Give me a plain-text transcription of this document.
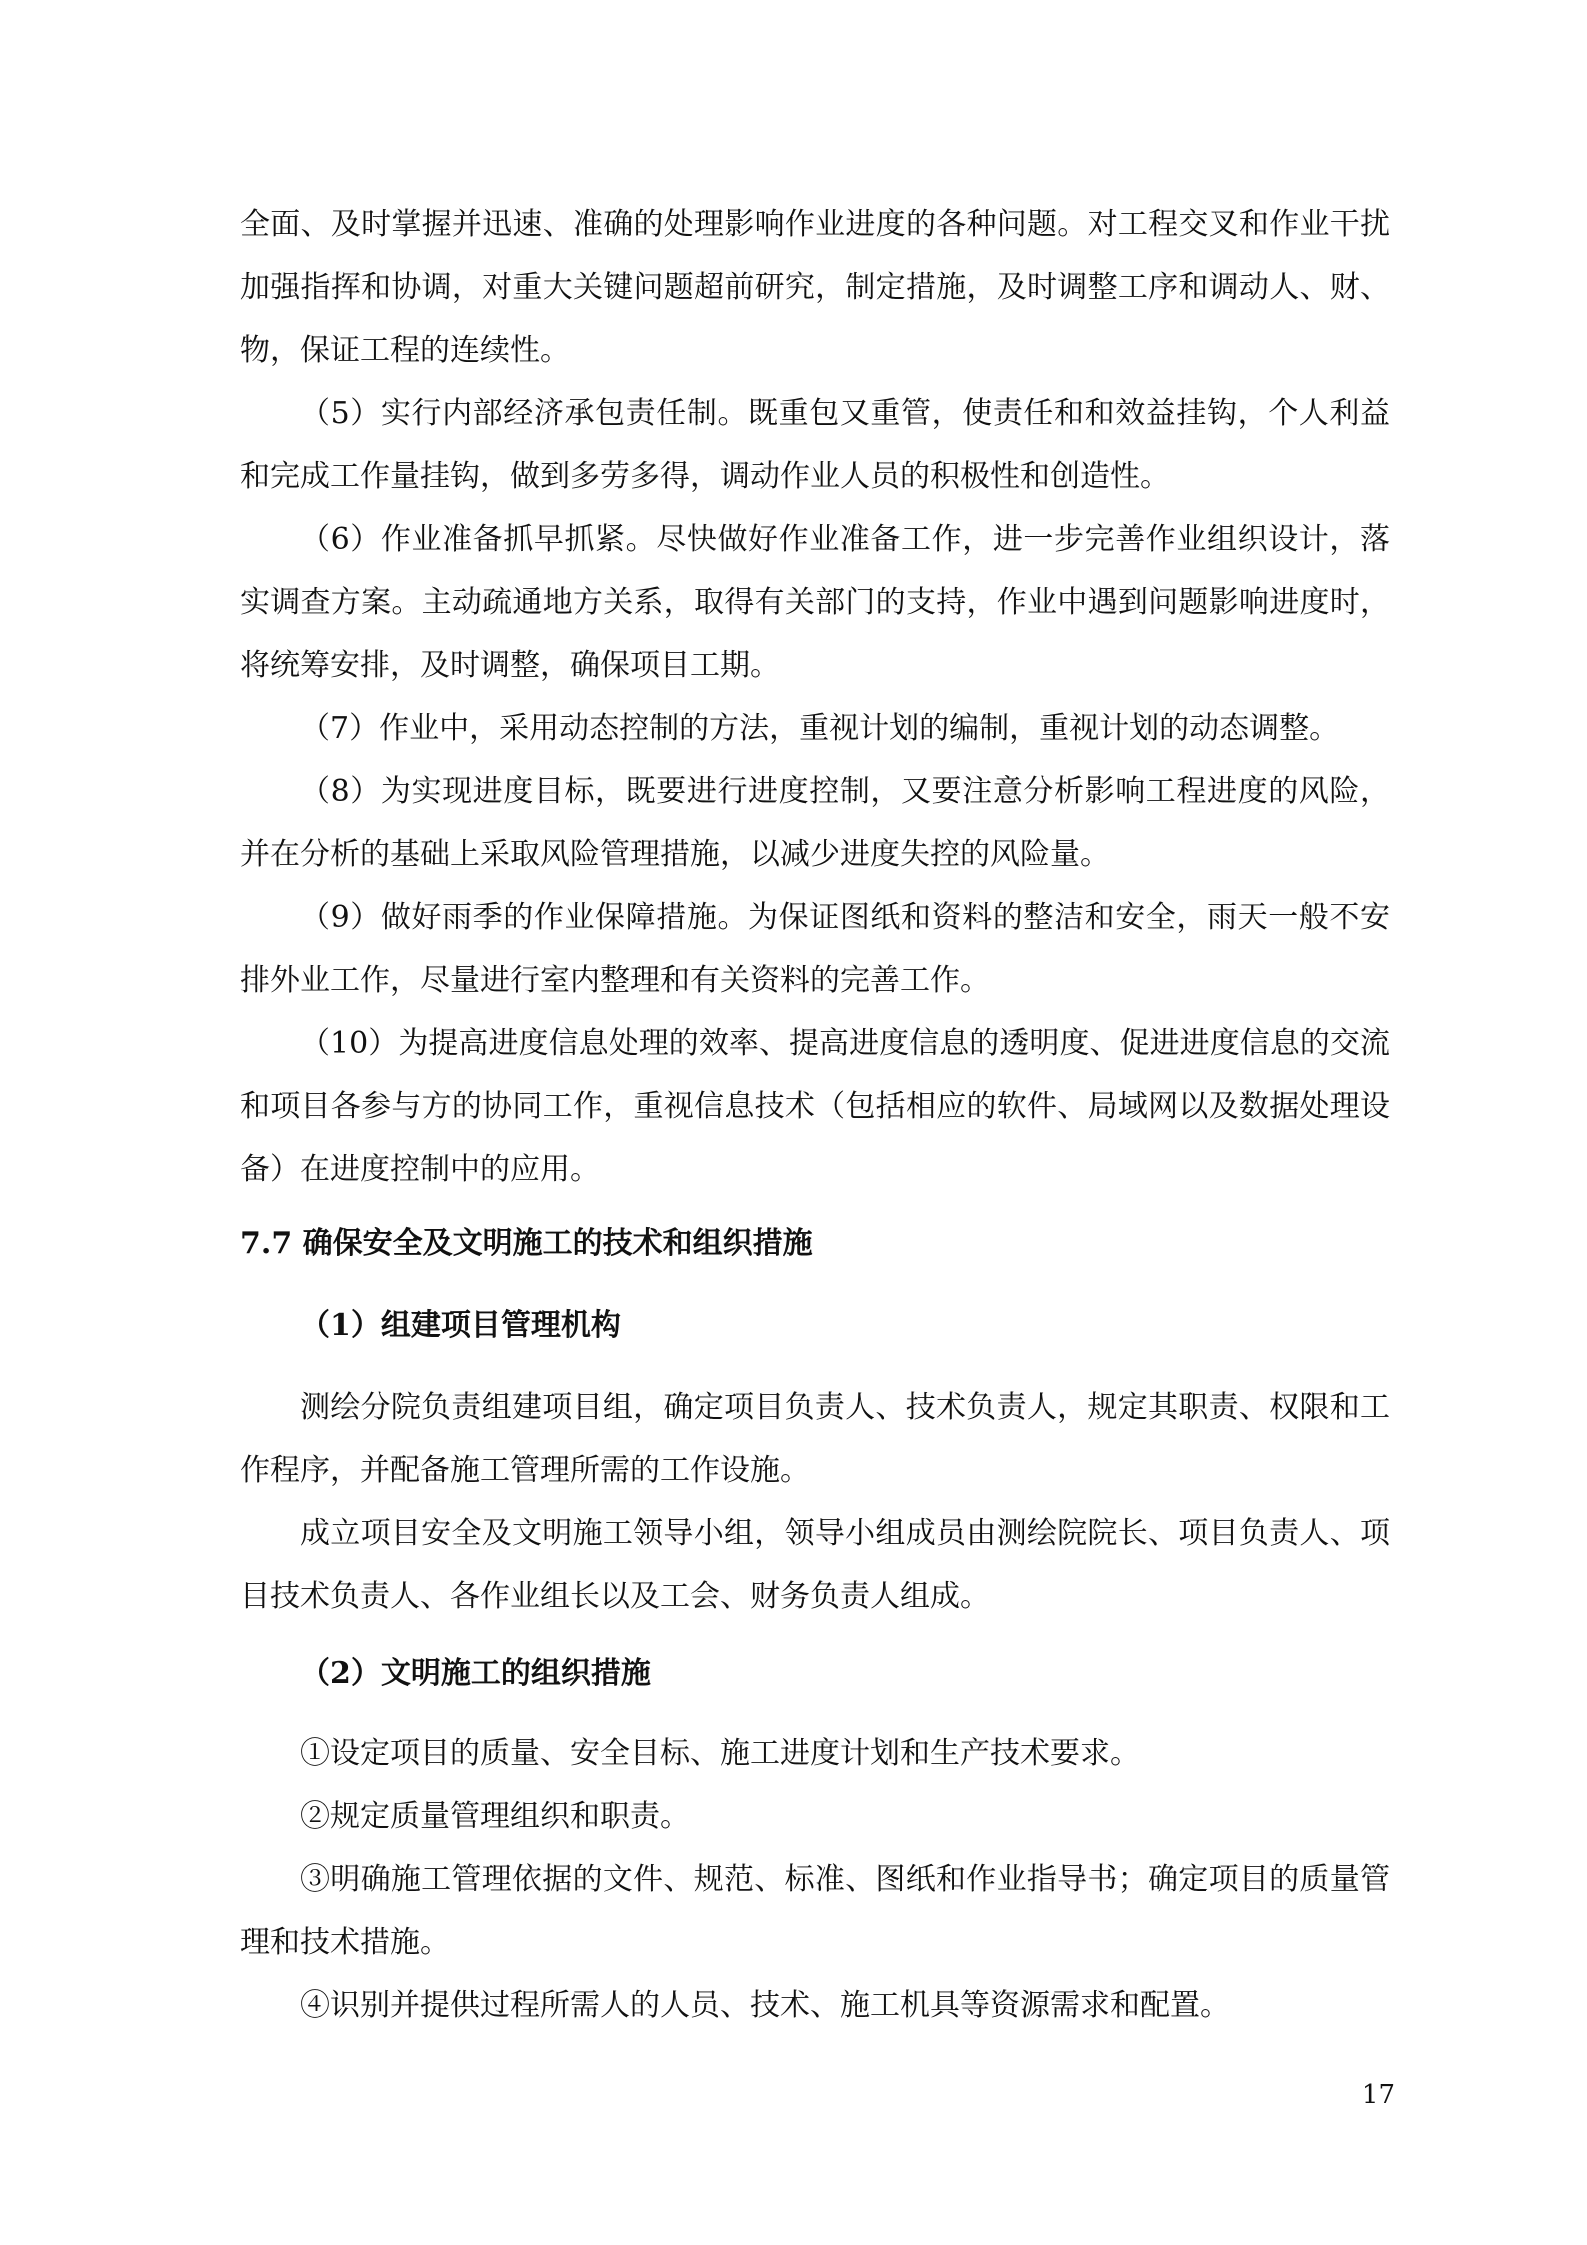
全面、及时掌握并迅速、准确的处理影响作业进度的各种问题。对工程交叉和作业干扰加强指挥和协调，对重大关键问题超前研究，制定措施，及时调整工序和调动人、财、物，保证工程的连续性。

（5）实行内部经济承包责任制。既重包又重管，使责任和和效益挂钩，个人利益和完成工作量挂钩，做到多劳多得，调动作业人员的积极性和创造性。

（6）作业准备抓早抓紧。尽快做好作业准备工作，进一步完善作业组织设计，落实调查方案。主动疏通地方关系，取得有关部门的支持，作业中遇到问题影响进度时，将统筹安排，及时调整，确保项目工期。

（7）作业中，采用动态控制的方法，重视计划的编制，重视计划的动态调整。

（8）为实现进度目标，既要进行进度控制，又要注意分析影响工程进度的风险，并在分析的基础上采取风险管理措施，以减少进度失控的风险量。

（9）做好雨季的作业保障措施。为保证图纸和资料的整洁和安全，雨天一般不安排外业工作，尽量进行室内整理和有关资料的完善工作。

（10）为提高进度信息处理的效率、提高进度信息的透明度、促进进度信息的交流和项目各参与方的协同工作，重视信息技术（包括相应的软件、局域网以及数据处理设备）在进度控制中的应用。

7.7 确保安全及文明施工的技术和组织措施
（1）组建项目管理机构

测绘分院负责组建项目组，确定项目负责人、技术负责人，规定其职责、权限和工作程序，并配备施工管理所需的工作设施。

成立项目安全及文明施工领导小组，领导小组成员由测绘院院长、项目负责人、项目技术负责人、各作业组长以及工会、财务负责人组成。

（2）文明施工的组织措施

①设定项目的质量、安全目标、施工进度计划和生产技术要求。

②规定质量管理组织和职责。

③明确施工管理依据的文件、规范、标准、图纸和作业指导书；确定项目的质量管理和技术措施。

④识别并提供过程所需人的人员、技术、施工机具等资源需求和配置。

17
